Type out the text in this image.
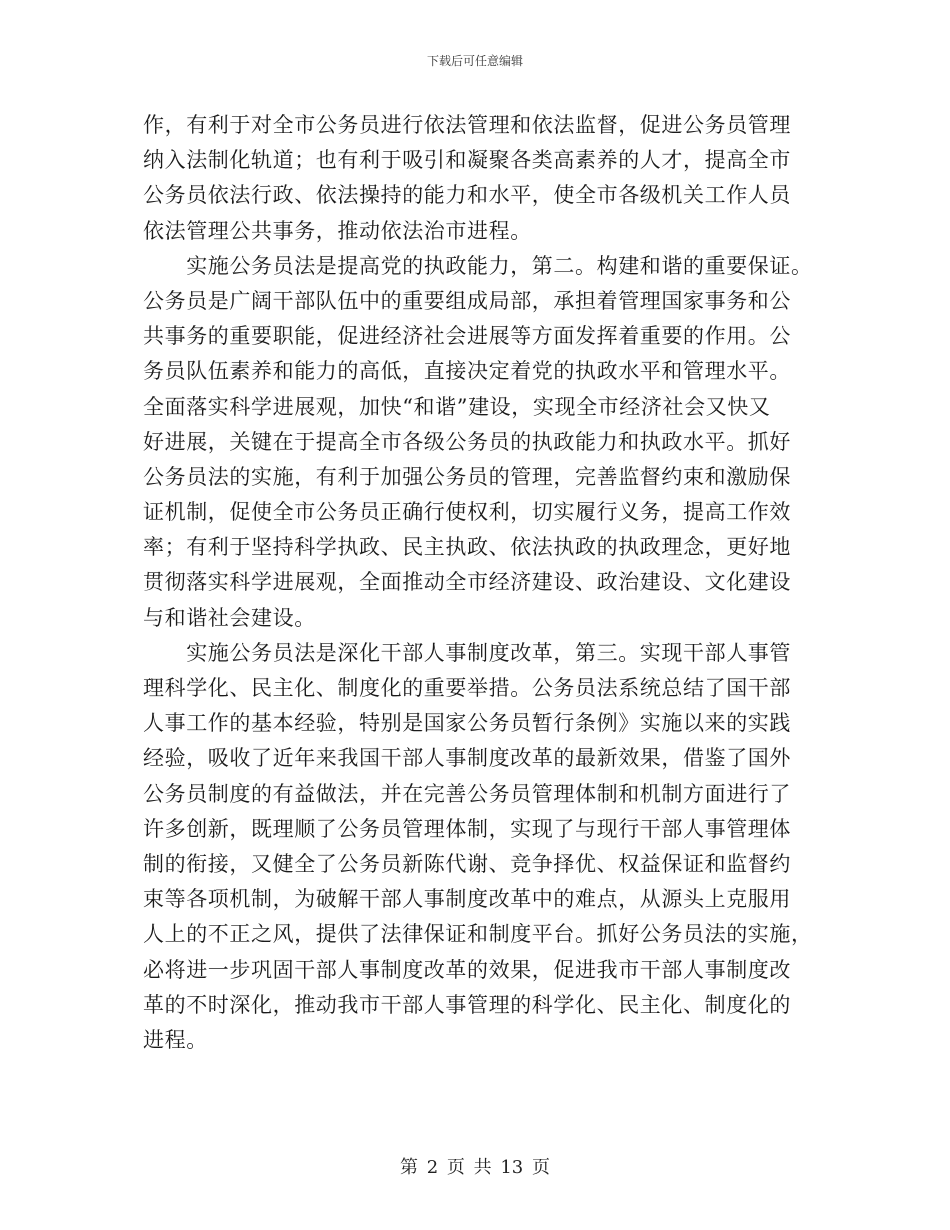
下载后可任意编辑
作，有利于对全市公务员进行依法管理和依法监督，促进公务员管理
纳入法制化轨道；也有利于吸引和凝聚各类高素养的人才，提高全市
公务员依法行政、依法操持的能力和水平，使全市各级机关工作人员
依法管理公共事务，推动依法治市进程。
　　实施公务员法是提高党的执政能力，第二。构建和谐的重要保证。
公务员是广阔干部队伍中的重要组成局部，承担着管理国家事务和公
共事务的重要职能，促进经济社会进展等方面发挥着重要的作用。公
务员队伍素养和能力的高低，直接决定着党的执政水平和管理水平。
全面落实科学进展观，加快“和谐”建设，实现全市经济社会又快又
好进展，关键在于提高全市各级公务员的执政能力和执政水平。抓好
公务员法的实施，有利于加强公务员的管理，完善监督约束和激励保
证机制，促使全市公务员正确行使权利，切实履行义务，提高工作效
率；有利于坚持科学执政、民主执政、依法执政的执政理念，更好地
贯彻落实科学进展观，全面推动全市经济建设、政治建设、文化建设
与和谐社会建设。
　　实施公务员法是深化干部人事制度改革，第三。实现干部人事管
理科学化、民主化、制度化的重要举措。公务员法系统总结了国干部
人事工作的基本经验，特别是国家公务员暂行条例》实施以来的实践
经验，吸收了近年来我国干部人事制度改革的最新效果，借鉴了国外
公务员制度的有益做法，并在完善公务员管理体制和机制方面进行了
许多创新，既理顺了公务员管理体制，实现了与现行干部人事管理体
制的衔接，又健全了公务员新陈代谢、竞争择优、权益保证和监督约
束等各项机制，为破解干部人事制度改革中的难点，从源头上克服用
人上的不正之风，提供了法律保证和制度平台。抓好公务员法的实施，
必将进一步巩固干部人事制度改革的效果，促进我市干部人事制度改
革的不时深化，推动我市干部人事管理的科学化、民主化、制度化的
进程。
第 2 页 共 13 页
